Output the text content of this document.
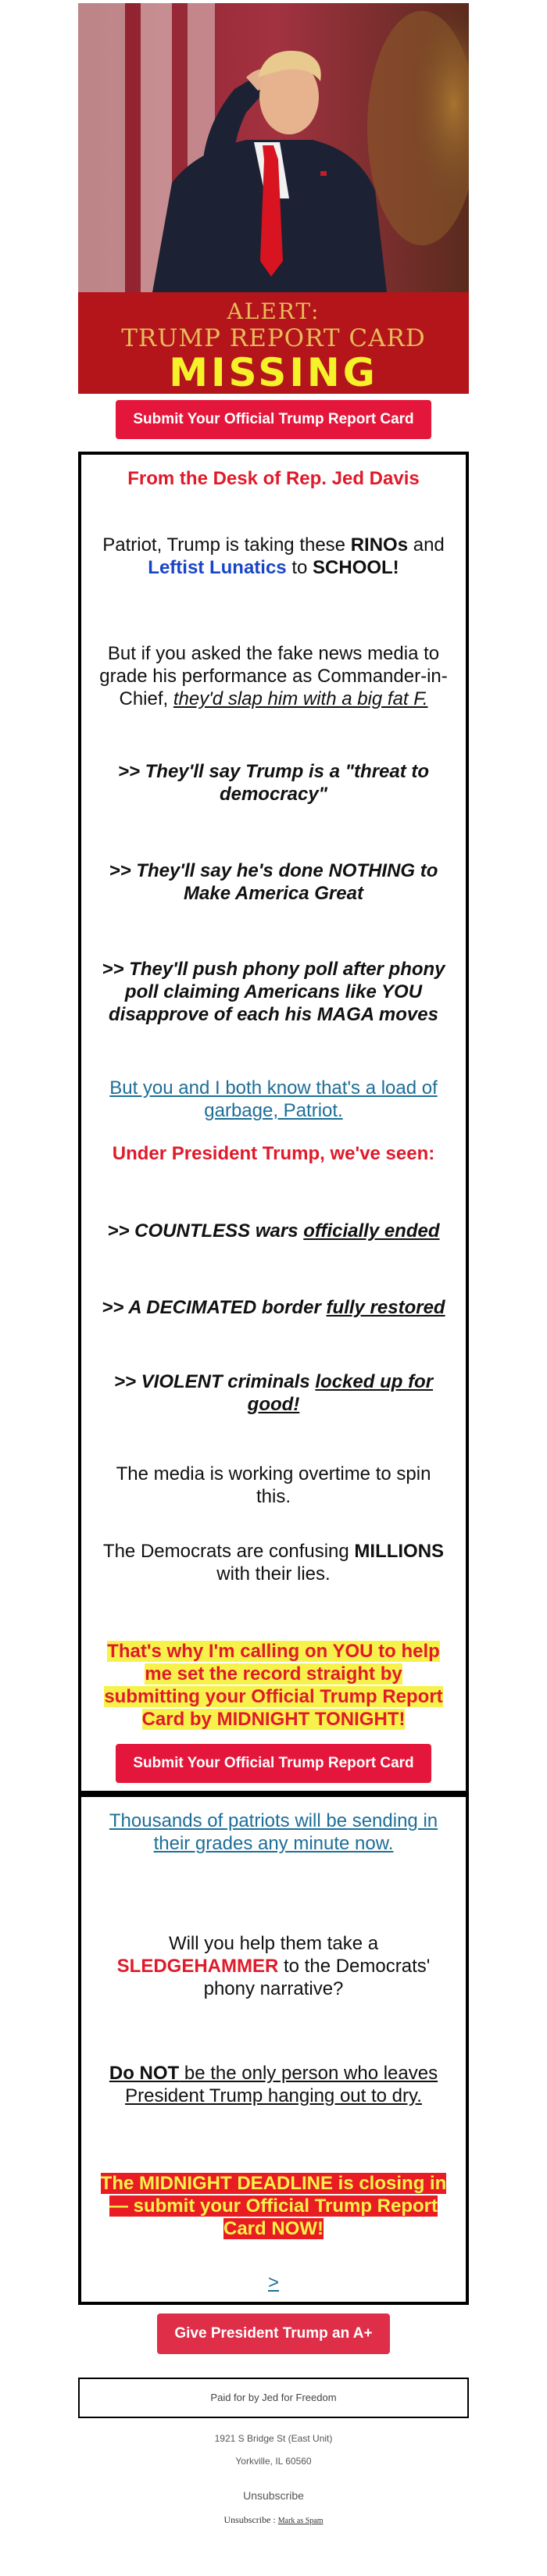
ALERT:
TRUMP REPORT CARD
MISSING
Submit Your Official Trump Report Card
From the Desk of Rep. Jed Davis
Patriot, Trump is taking these RINOs and Leftist Lunatics to SCHOOL!
But if you asked the fake news media to grade his performance as Commander-in-Chief, they'd slap him with a big fat F.
>> They'll say Trump is a "threat to democracy"
>> They'll say he's done NOTHING to Make America Great
>> They'll push phony poll after phony poll claiming Americans like YOU disapprove of each his MAGA moves
But you and I both know that's a load of garbage, Patriot.
Under President Trump, we've seen:
>> COUNTLESS wars officially ended
>> A DECIMATED border fully restored
>> VIOLENT criminals locked up for good!
The media is working overtime to spin this.
The Democrats are confusing MILLIONS with their lies.
That's why I'm calling on YOU to help me set the record straight by submitting your Official Trump Report Card by MIDNIGHT TONIGHT!
Submit Your Official Trump Report Card
Thousands of patriots will be sending in their grades any minute now.
Will you help them take a SLEDGEHAMMER to the Democrats' phony narrative?
Do NOT be the only person who leaves President Trump hanging out to dry.
The MIDNIGHT DEADLINE is closing in — submit your Official Trump Report Card NOW!
>
Give President Trump an A+
Paid for by Jed for Freedom
1921 S Bridge St (East Unit)
Yorkville, IL 60560
Unsubscribe
Unsubscribe : Mark as Spam
